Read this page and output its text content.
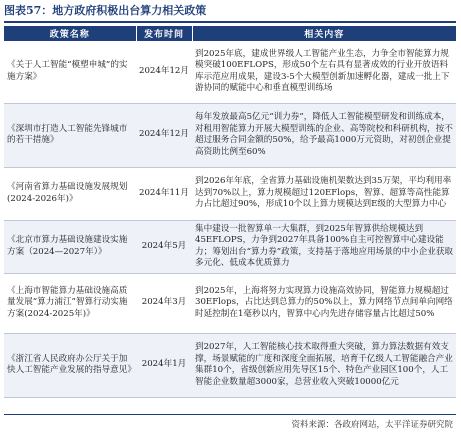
图表57：地方政府积极出台算力相关政策
政策名称	发布时间	相关内容
《关于人工智能“模塑申城”的实施方案》	2024年12月	到2025年底，建成世界级人工智能产业生态，力争全市智能算力规模突破100EFLOPS，形成50个左右具有显著成效的行业开放语料库示范应用成果，建设3-5个大模型创新加速孵化器，建成一批上下游协同的赋能中心和垂直模型训练场
《深圳市打造人工智能先锋城市的若干措施》	2024年12月	每年发放最高5亿元“训力券”，降低人工智能模型研发和训练成本，对租用智能算力开展大模型训练的企业、高等院校和科研机构，按不超过服务合同金额的50%，给予最高1000万元资助，对初创企业提高资助比例至60%
《河南省算力基础设施发展规划(2024-2026年)》	2024年11月	到2026年年底，全省算力基础设施机架数达到35万架，平均利用率达到70%以上，算力规模超过120EFlops，智算、超算等高性能算力占比超过90%，形成10个以上算力规模达到E级的大型算力中心
《北京市算力基础设施建设实施方案（2024—2027年）》	2024年5月	集中建设一批智算单一大集群，到2025年智算供给规模达到45EFLOPS，力争到2027年具备100%自主可控智算中心建设能力；筹划出台“算力券”政策，支持基于落地应用场景的中小企业获取多元化、低成本优质算力
《上海市智能算力基础设施高质量发展“算力浦江”智算行动实施方案(2024-2025年)》	2024年3月	到2025年，上海将努力实现算力设施高效协同，智能算力规模超过30EFlops，占比达到总算力的50%以上，算力网络节点间单向网络时延控制在1毫秒以内，智算中心内先进存储容量占比超过50%
《浙江省人民政府办公厅关于加快人工智能产业发展的指导意见》	2024年1月	到2027年，人工智能核心技术取得重大突破，算力算法数据有效支撑，场景赋能的广度和深度全面拓展，培育千亿级人工智能融合产业集群10个，省级创新应用先导区15个、特色产业园区100个，人工智能企业数量超3000家，总营业收入突破10000亿元
资料来源：各政府网站，太平洋证券研究院
